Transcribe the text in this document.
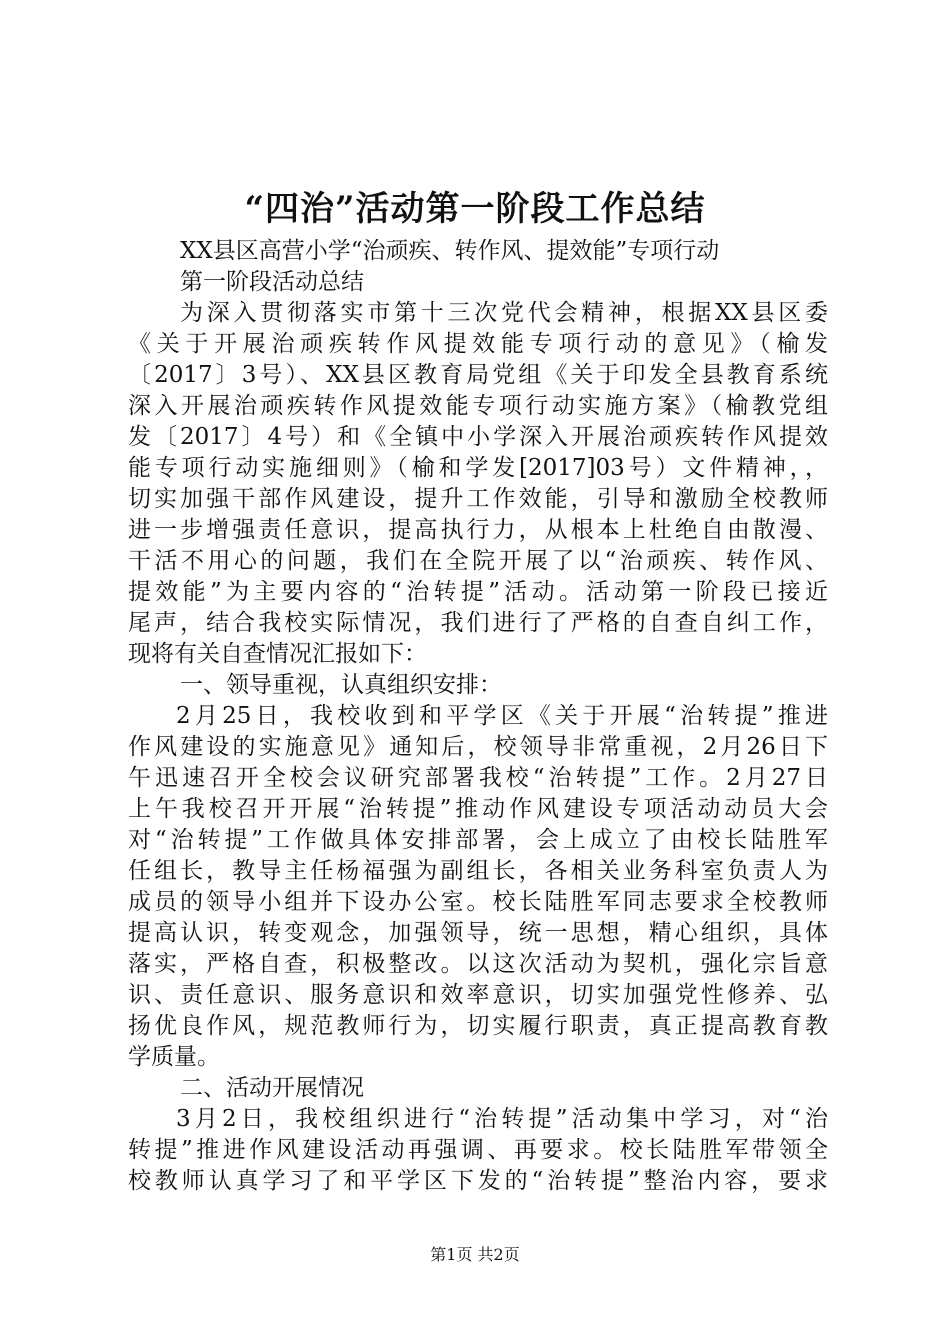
“四治”活动第一阶段工作总结
XX县区高营小学“治顽疾、转作风、提效能”专项行动
第一阶段活动总结
为深入贯彻落实市第十三次党代会精神，根据XX县区委
《关于开展治顽疾转作风提效能专项行动的意见》（榆发
〔2017〕3号）、XX县区教育局党组《关于印发全县教育系统
深入开展治顽疾转作风提效能专项行动实施方案》（榆教党组
发〔2017〕4号）和《全镇中小学深入开展治顽疾转作风提效
能专项行动实施细则》（榆和学发[2017]03号）文件精神，，
切实加强干部作风建设，提升工作效能，引导和激励全校教师
进一步增强责任意识，提高执行力，从根本上杜绝自由散漫、
干活不用心的问题，我们在全院开展了以“治顽疾、转作风、
提效能”为主要内容的“治转提”活动。活动第一阶段已接近
尾声，结合我校实际情况，我们进行了严格的自查自纠工作，
现将有关自查情况汇报如下：
一、领导重视，认真组织安排：
2月25日，我校收到和平学区《关于开展“治转提”推进
作风建设的实施意见》通知后，校领导非常重视，2月26日下
午迅速召开全校会议研究部署我校“治转提”工作。2月27日
上午我校召开开展“治转提”推动作风建设专项活动动员大会
对“治转提”工作做具体安排部署，会上成立了由校长陆胜军
任组长，教导主任杨福强为副组长，各相关业务科室负责人为
成员的领导小组并下设办公室。校长陆胜军同志要求全校教师
提高认识，转变观念，加强领导，统一思想，精心组织，具体
落实，严格自查，积极整改。以这次活动为契机，强化宗旨意
识、责任意识、服务意识和效率意识，切实加强党性修养、弘
扬优良作风，规范教师行为，切实履行职责，真正提高教育教
学质量。
二、活动开展情况
3月2日，我校组织进行“治转提”活动集中学习，对“治
转提”推进作风建设活动再强调、再要求。校长陆胜军带领全
校教师认真学习了和平学区下发的“治转提”整治内容，要求
第1页 共2页
